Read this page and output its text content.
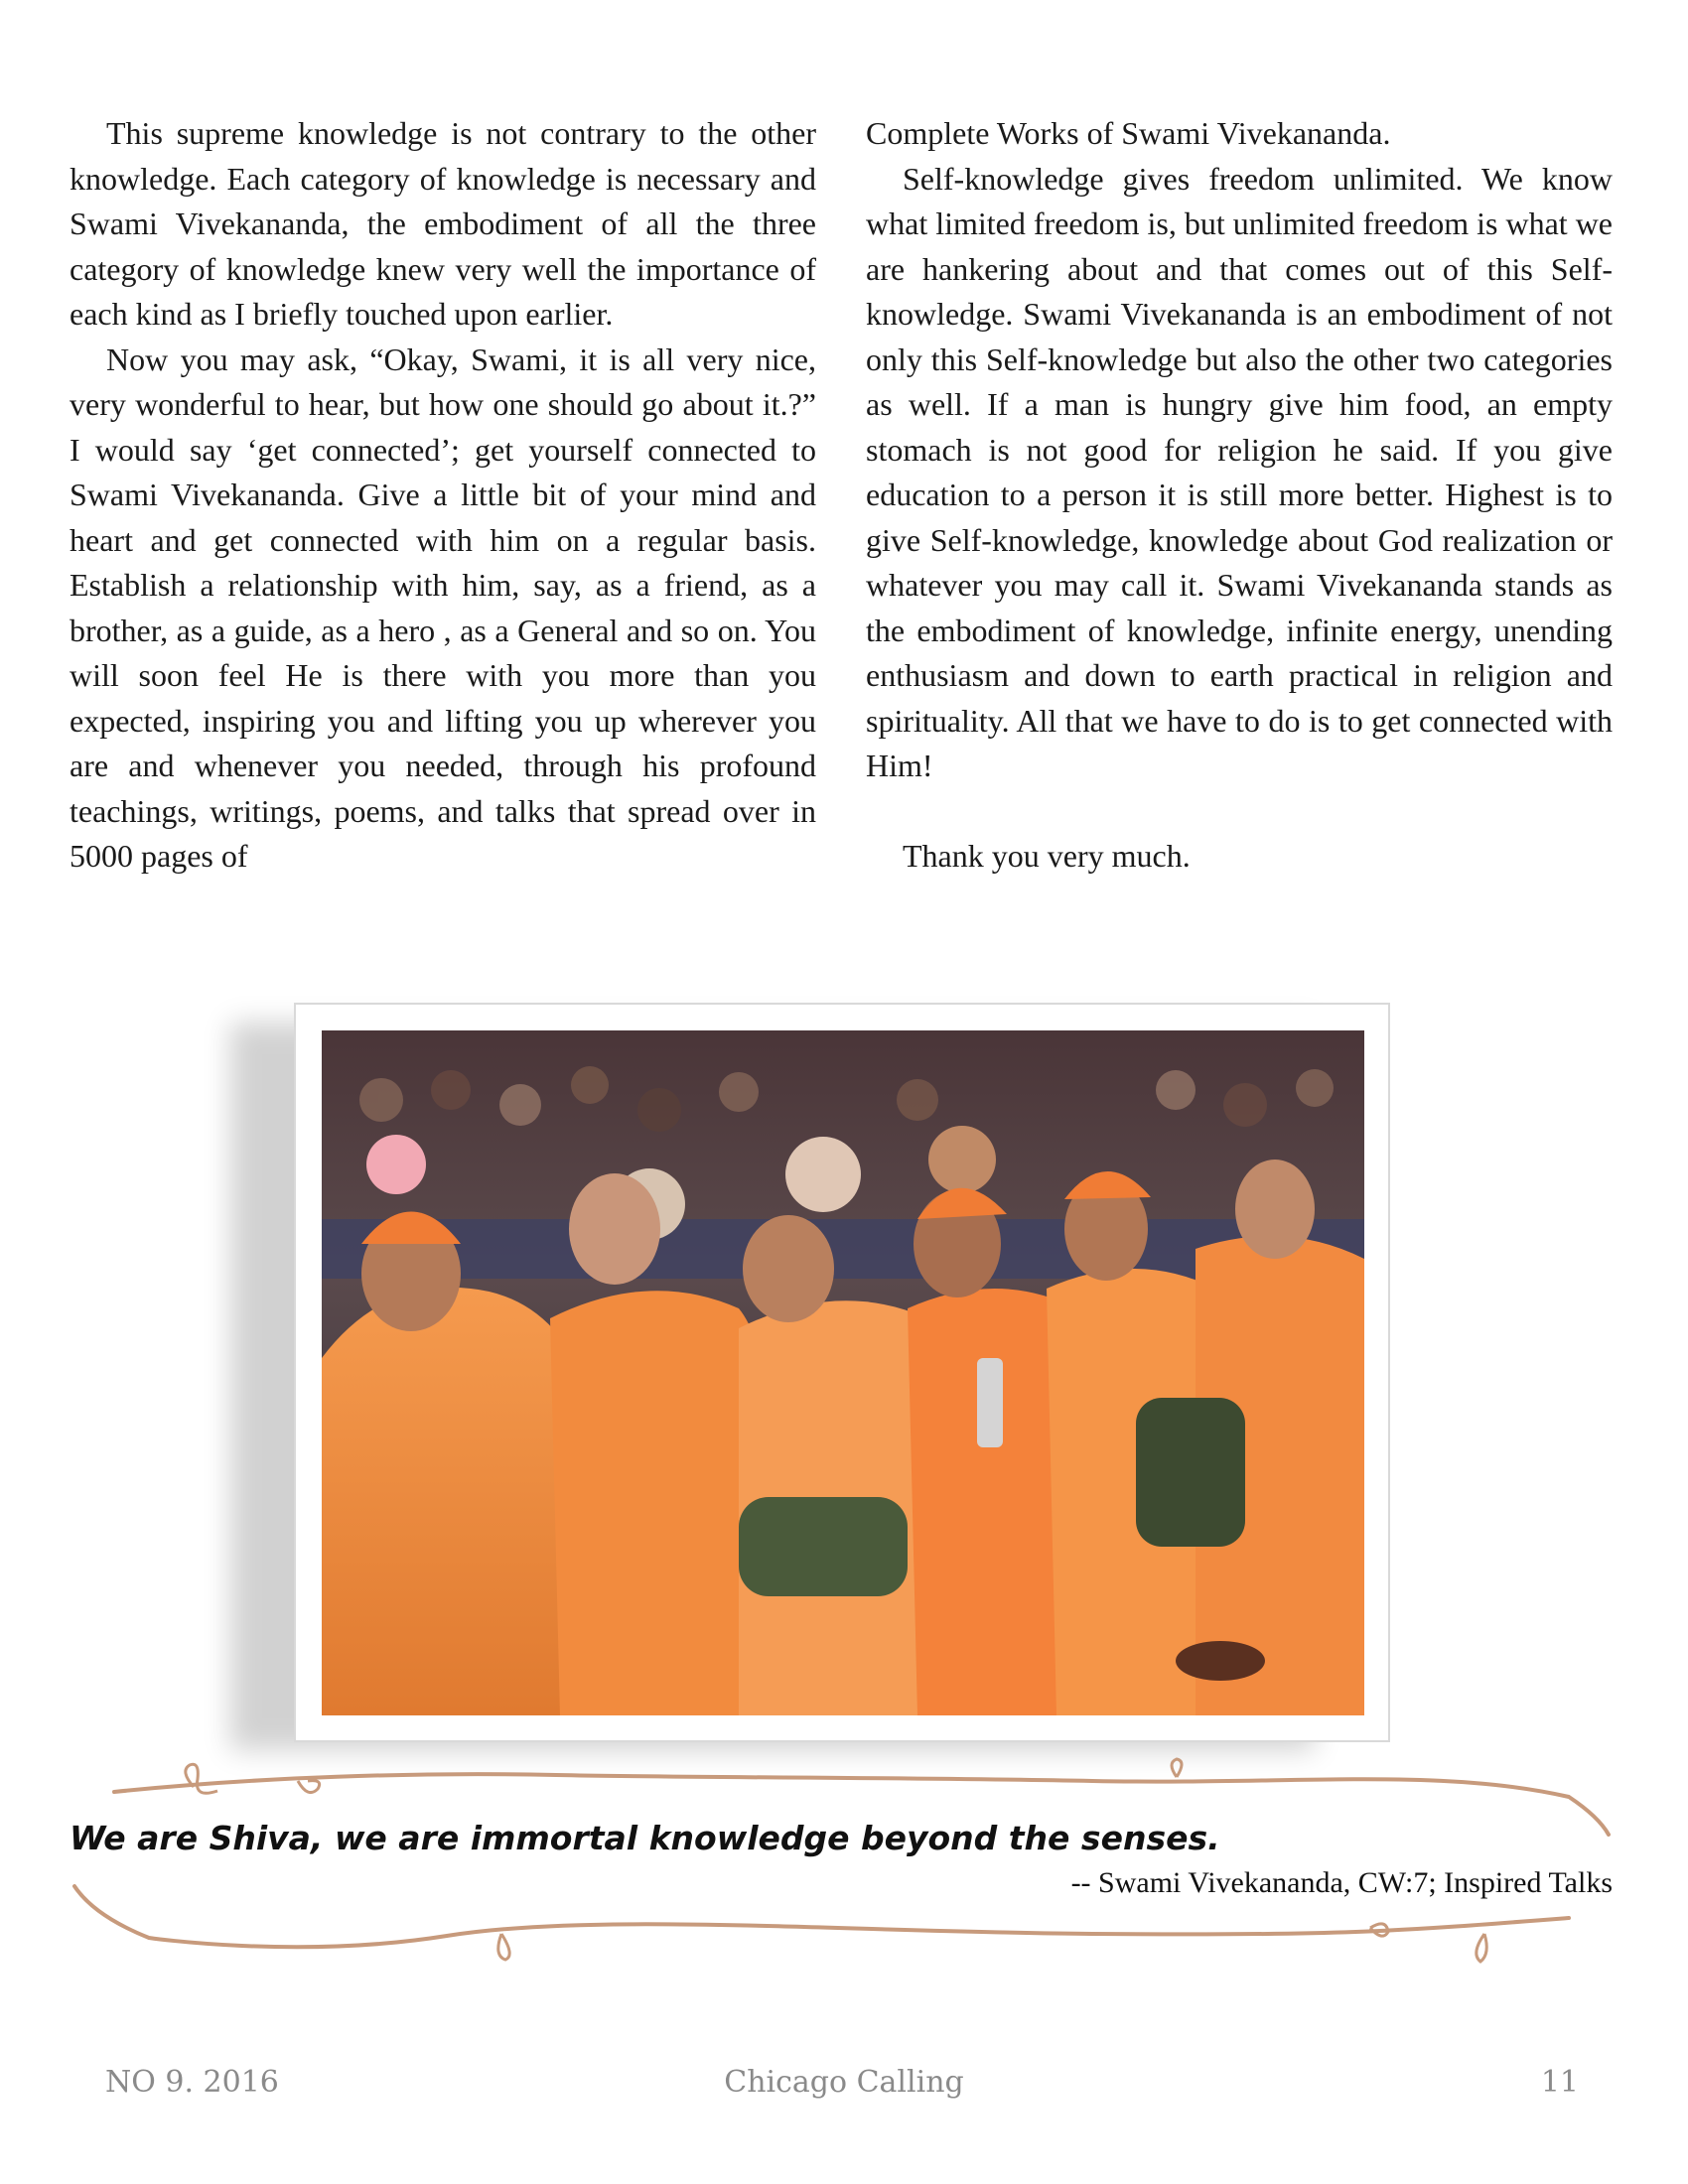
This supreme knowledge is not contrary to the other knowledge. Each category of knowledge is necessary and Swami Vivekananda, the embodiment of all the three category of knowledge knew very well the importance of each kind as I briefly touched upon earlier.

Now you may ask, “Okay, Swami, it is all very nice, very wonderful to hear, but how one should go about it.?” I would say ‘get connected’; get yourself connected to Swami Vivekananda. Give a little bit of your mind and heart and get connected with him on a regular basis. Establish a relationship with him, say, as a friend, as a brother, as a guide, as a hero , as a General and so on. You will soon feel He is there with you more than you expected, inspiring you and lifting you up wherever you are and whenever you needed, through his profound teachings, writings, poems, and talks that spread over in 5000 pages of

Complete Works of Swami Vivekananda.

Self-knowledge gives freedom unlimited. We know what limited freedom is, but unlimited freedom is what we are hankering about and that comes out of this Self-knowledge. Swami Vivekananda is an embodiment of not only this Self-knowledge but also the other two categories as well. If a man is hungry give him food, an empty stomach is not good for religion he said. If you give education to a person it is still more better. Highest is to give Self-knowledge, knowledge about God realization or whatever you may call it. Swami Vivekananda stands as the embodiment of knowledge, infinite energy, unending enthusiasm and down to earth practical in religion and spirituality. All that we have to do is to get connected with Him!

Thank you very much.

We are Shiva, we are immortal knowledge beyond the senses.
-- Swami Vivekananda, CW:7; Inspired Talks
NO 9. 2016	Chicago Calling	11
